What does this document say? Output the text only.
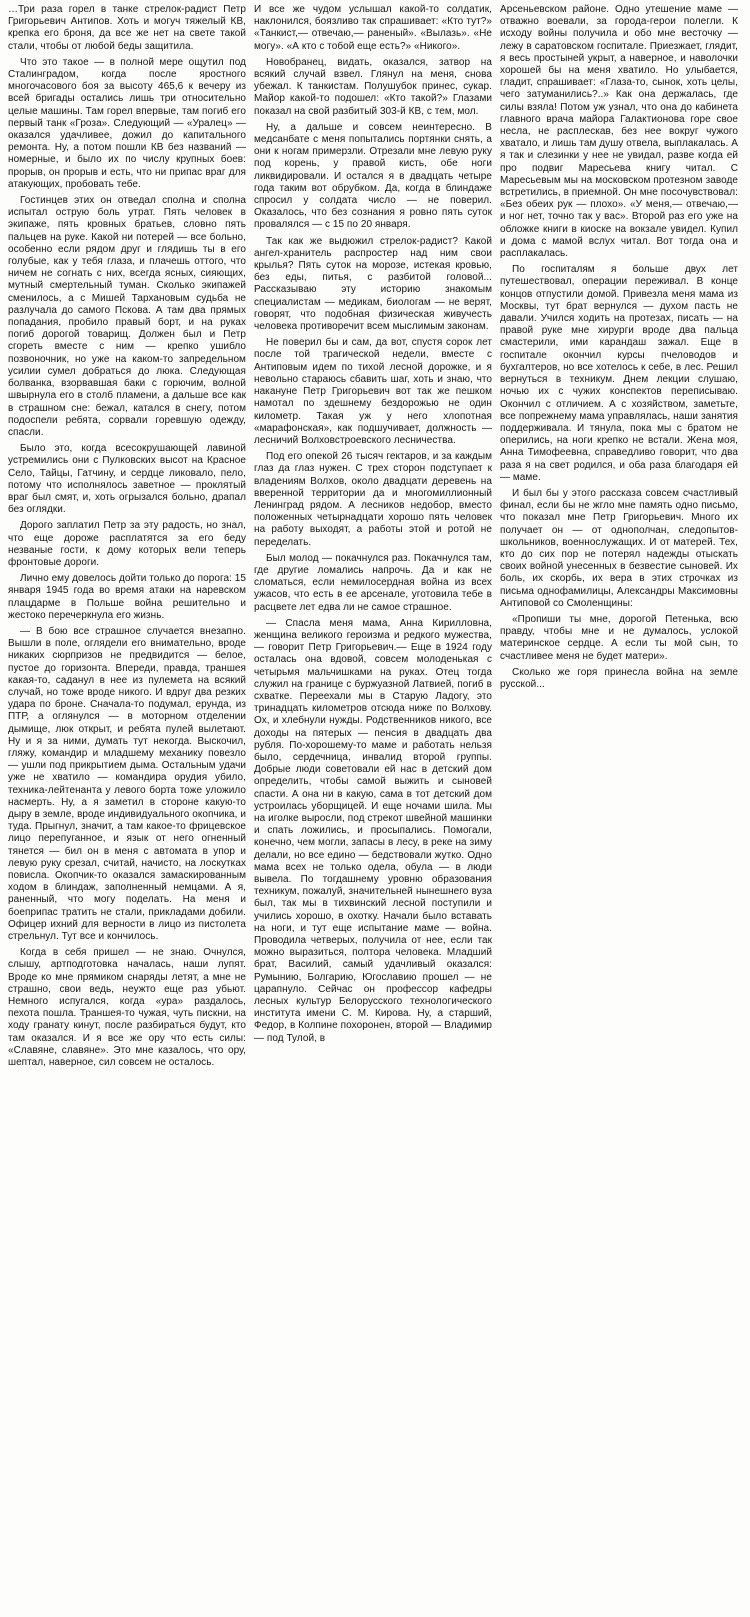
…Три раза горел в танке стрелок-радист Петр Григорьевич Антипов. Хоть и могуч тяжелый КВ, крепка его броня, да все же нет на свете такой стали, чтобы от любой беды защитила.

Что это такое — в полной мере ощутил под Сталинградом, когда после яростного многочасового боя за высоту 465,6 к вечеру из всей бригады остались лишь три относительно целые машины. Там горел впервые, там погиб его первый танк «Гроза». Следующий — «Уралец» — оказался удачливее, дожил до капитального ремонта. Ну, а потом пошли КВ без названий — номерные, и было их по числу крупных боев: прорыв, он прорыв и есть, что ни припас враг для атакующих, пробовать тебе.

Гостинцев этих он отведал сполна и сполна испытал острую боль утрат. Пять человек в экипаже, пять кровных братьев, словно пять пальцев на руке. Какой ни потерей — все больно, особенно если рядом друг и глядишь ты в его голубые, как у тебя глаза, и плачешь оттого, что ничем не согнать с них, всегда ясных, сияющих, мутный смертельный туман. Сколько экипажей сменилось, а с Мишей Тархановым судьба не разлучала до самого Пскова. А там два прямых попадания, пробило правый борт, и на руках погиб дорогой товарищ. Должен был и Петр сгореть вместе с ним — крепко ушибло позвоночник, но уже на каком-то запредельном усилии сумел добраться до люка. Следующая болванка, взорвавшая баки с горючим, волной швырнула его в столб пламени, а дальше все как в страшном сне: бежал, катался в снегу, потом подоспели ребята, сорвали горевшую одежду, спасли.

Было это, когда всесокрушающей лавиной устремились они с Пулковских высот на Красное Село, Тайцы, Гатчину, и сердце ликовало, пело, потому что исполнялось заветное — проклятый враг был смят, и, хоть огрызался больно, драпал без оглядки.

Дорого заплатил Петр за эту радость, но знал, что еще дороже расплатятся за его беду незваные гости, к дому которых вели теперь фронтовые дороги.

Лично ему довелось дойти только до порога: 15 января 1945 года во время атаки на наревском плацдарме в Польше война решительно и жестоко перечеркнула его жизнь.

— В бою все страшное случается внезапно. Вышли в поле, оглядели его внимательно, вроде никаких сюрпризов не предвидится — белое, пустое до горизонта. Впереди, правда, траншея какая-то, саданул в нее из пулемета на всякий случай, но тоже вроде никого. И вдруг два резких удара по броне. Сначала-то подумал, ерунда, из ПТР, а оглянулся — в моторном отделении дымище, люк открыт, и ребята пулей вылетают. Ну и я за ними, думать тут некогда. Выскочил, гляжу, командир и младшему механику повезло — ушли под прикрытием дыма. Остальным удачи уже не хватило — командира орудия убило, техника-лейтенанта у левого борта тоже уложило насмерть. Ну, а я заметил в стороне какую-то дыру в земле, вроде индивидуального окопчика, и туда. Прыгнул, значит, а там какое-то фрицевское лицо перепуганное, и язык от него огненный тянется — бил он в меня с автомата в упор и левую руку срезал, считай, начисто, на лоскутках повисла. Окопчик-то оказался замаскированным ходом в блиндаж, заполненный немцами. А я, раненный, что могу поделать. На меня и боеприпас тратить не стали, прикладами добили. Офицер ихний для верности в лицо из пистолета стрельнул. Тут все и кончилось.

Когда в себя пришел — не знаю. Очнулся, слышу, артподготовка началась, наши лупят. Вроде ко мне прямиком снаряды летят, а мне не страшно, свои ведь, неужто еще раз убьют. Немного испугался, когда «ура» раздалось, пехота пошла. Траншея-то чужая, чуть пискни, на ходу гранату кинут, после разбираться будут, кто там оказался. И я все же ору что есть силы: «Славяне, славяне». Это мне казалось, что ору, шептал, наверное, сил совсем не осталось.

И все же чудом услышал какой-то солдатик, наклонился, боязливо так спрашивает: «Кто тут?» «Танкист,— отвечаю,— раненый». «Вылазь». «Не могу». «А кто с тобой еще есть?» «Никого».

Новобранец, видать, оказался, затвор на всякий случай взвел. Глянул на меня, снова убежал. К танкистам. Полушубок принес, сукар. Майор какой-то подошел: «Кто такой?» Глазами показал на свой разбитый 303-й КВ, с тем, мол.

Ну, а дальше и совсем неинтересно. В медсанбате с меня попытались портянки снять, а они к ногам примерзли. Отрезали мне левую руку под корень, у правой кисть, обе ноги ликвидировали. И остался я в двадцать четыре года таким вот обрубком. Да, когда в блиндаже спросил у солдата число — не поверил. Оказалось, что без сознания я ровно пять суток провалялся — с 15 по 20 января.

Так как же выдюжил стрелок-радист? Какой ангел-хранитель распростер над ним свои крылья? Пять суток на морозе, истекая кровью, без еды, питья, с разбитой головой... Рассказываю эту историю знакомым специалистам — медикам, биологам — не верят, говорят, что подобная физическая живучесть человека противоречит всем мыслимым законам.

Не поверил бы и сам, да вот, спустя сорок лет после той трагической недели, вместе с Антиповым идем по тихой лесной дорожке, и я невольно стараюсь сбавить шаг, хоть и знаю, что накануне Петр Григорьевич вот так же пешком намотал по здешнему бездорожью не один километр. Такая уж у него хлопотная «марафонская», как подшучивает, должность — лесничий Волховстроевского лесничества.

Под его опекой 26 тысяч гектаров, и за каждым глаз да глаз нужен. С трех сторон подступает к владениям Волхов, около двадцати деревень на вверенной территории да и многомиллионный Ленинград рядом. А лесников недобор, вместо положенных четырнадцати хорошо пять человек на работу выходят, а работы этой и ротой не переделать.

Был молод — покачнулся раз. Покачнулся там, где другие ломались напрочь. Да и как не сломаться, если немилосердная война из всех ужасов, что есть в ее арсенале, уготовила тебе в расцвете лет едва ли не самое страшное.

— Спасла меня мама, Анна Кирилловна, женщина великого героизма и редкого мужества,— говорит Петр Григорьевич.— Еще в 1924 году осталась она вдовой, совсем молоденькая с четырьмя мальчишками на руках. Отец тогда служил на границе с буржуазной Латвией, погиб в схватке. Переехали мы в Старую Ладогу, это тринадцать километров отсюда ниже по Волхову. Ох, и хлебнули нужды. Родственников никого, все доходы на пятерых — пенсия в двадцать два рубля. По-хорошему-то маме и работать нельзя было, сердечница, инвалид второй группы. Добрые люди советовали ей нас в детский дом определить, чтобы самой выжить и сыновей спасти. А она ни в какую, сама в тот детский дом устроилась уборщицей. И еще ночами шила. Мы на иголке выросли, под стрекот швейной машинки и спать ложились, и просыпались. Помогали, конечно, чем могли, запасы в лесу, в реке на зиму делали, но все едино — бедствовали жутко. Одно мама всех не только одела, обула — в люди вывела. По тогдашнему уровню образования техникум, пожалуй, значительней нынешнего вуза был, так мы в тихвинский лесной поступили и учились хорошо, в охотку. Начали было вставать на ноги, и тут еще испытание маме — война. Проводила четверых, получила от нее, если так можно выразиться, полтора человека. Младший брат, Василий, самый удачливый оказался: Румынию, Болгарию, Югославию прошел — не царапнуло. Сейчас он профессор кафедры лесных культур Белорусского технологического института имени С. М. Кирова. Ну, а старший, Федор, в Колпине похоронен, второй — Владимир — под Тулой, в

Арсеньевском районе. Одно утешение маме — отважно воевали, за города-герои полегли. К исходу войны получила и обо мне весточку — лежу в саратовском госпитале. Приезжает, глядит, я весь простыней укрыт, а наверное, и наволочки хорошей бы на меня хватило. Но улыбается, гладит, спрашивает: «Глаза-то, сынок, хоть целы, чего затуманились?..» Как она держалась, где силы взяла! Потом уж узнал, что она до кабинета главного врача майора Галактионова горе свое несла, не расплескав, без нее вокруг чужого хватало, и лишь там душу отвела, выплакалась. А я так и слезинки у нее не увидал, разве когда ей про подвиг Маресьева книгу читал. С Маресьевым мы на московском протезном заводе встретились, в приемной. Он мне посочувствовал: «Без обеих рук — плохо». «У меня,— отвечаю,— и ног нет, точно так у вас». Второй раз его уже на обложке книги в киоске на вокзале увидел. Купил и дома с мамой вслух читал. Вот тогда она и расплакалась.

По госпиталям я больше двух лет путешествовал, операции переживал. В конце концов отпустили домой. Привезла меня мама из Москвы, тут брат вернулся — духом пасть не давали. Учился ходить на протезах, писать — на правой руке мне хирурги вроде два пальца смастерили, ими карандаш зажал. Еще в госпитале окончил курсы пчеловодов и бухгалтеров, но все хотелось к себе, в лес. Решил вернуться в техникум. Днем лекции слушаю, ночью их с чужих конспектов переписываю. Окончил с отличием. А с хозяйством, заметьте, все попрежнему мама управлялась, наши занятия поддерживала. И тянула, пока мы с братом не оперились, на ноги крепко не встали. Жена моя, Анна Тимофеевна, справедливо говорит, что два раза я на свет родился, и оба раза благодаря ей — маме.

И был бы у этого рассказа совсем счастливый финал, если бы не жгло мне память одно письмо, что показал мне Петр Григорьевич. Много их получает он — от однополчан, следопытов-школьников, военнослужащих. И от матерей. Тех, кто до сих пор не потерял надежды отыскать своих войной унесенных в безвестие сыновей. Их боль, их скорбь, их вера в этих строчках из письма однофамилицы, Александры Максимовны Антиповой со Смоленщины:

«Пропиши ты мне, дорогой Петенька, всю правду, чтобы мне и не думалось, услокой материнское сердце. А если ты мой сын, то счастливее меня не будет матери».

Сколько же горя принесла война на земле русской...
